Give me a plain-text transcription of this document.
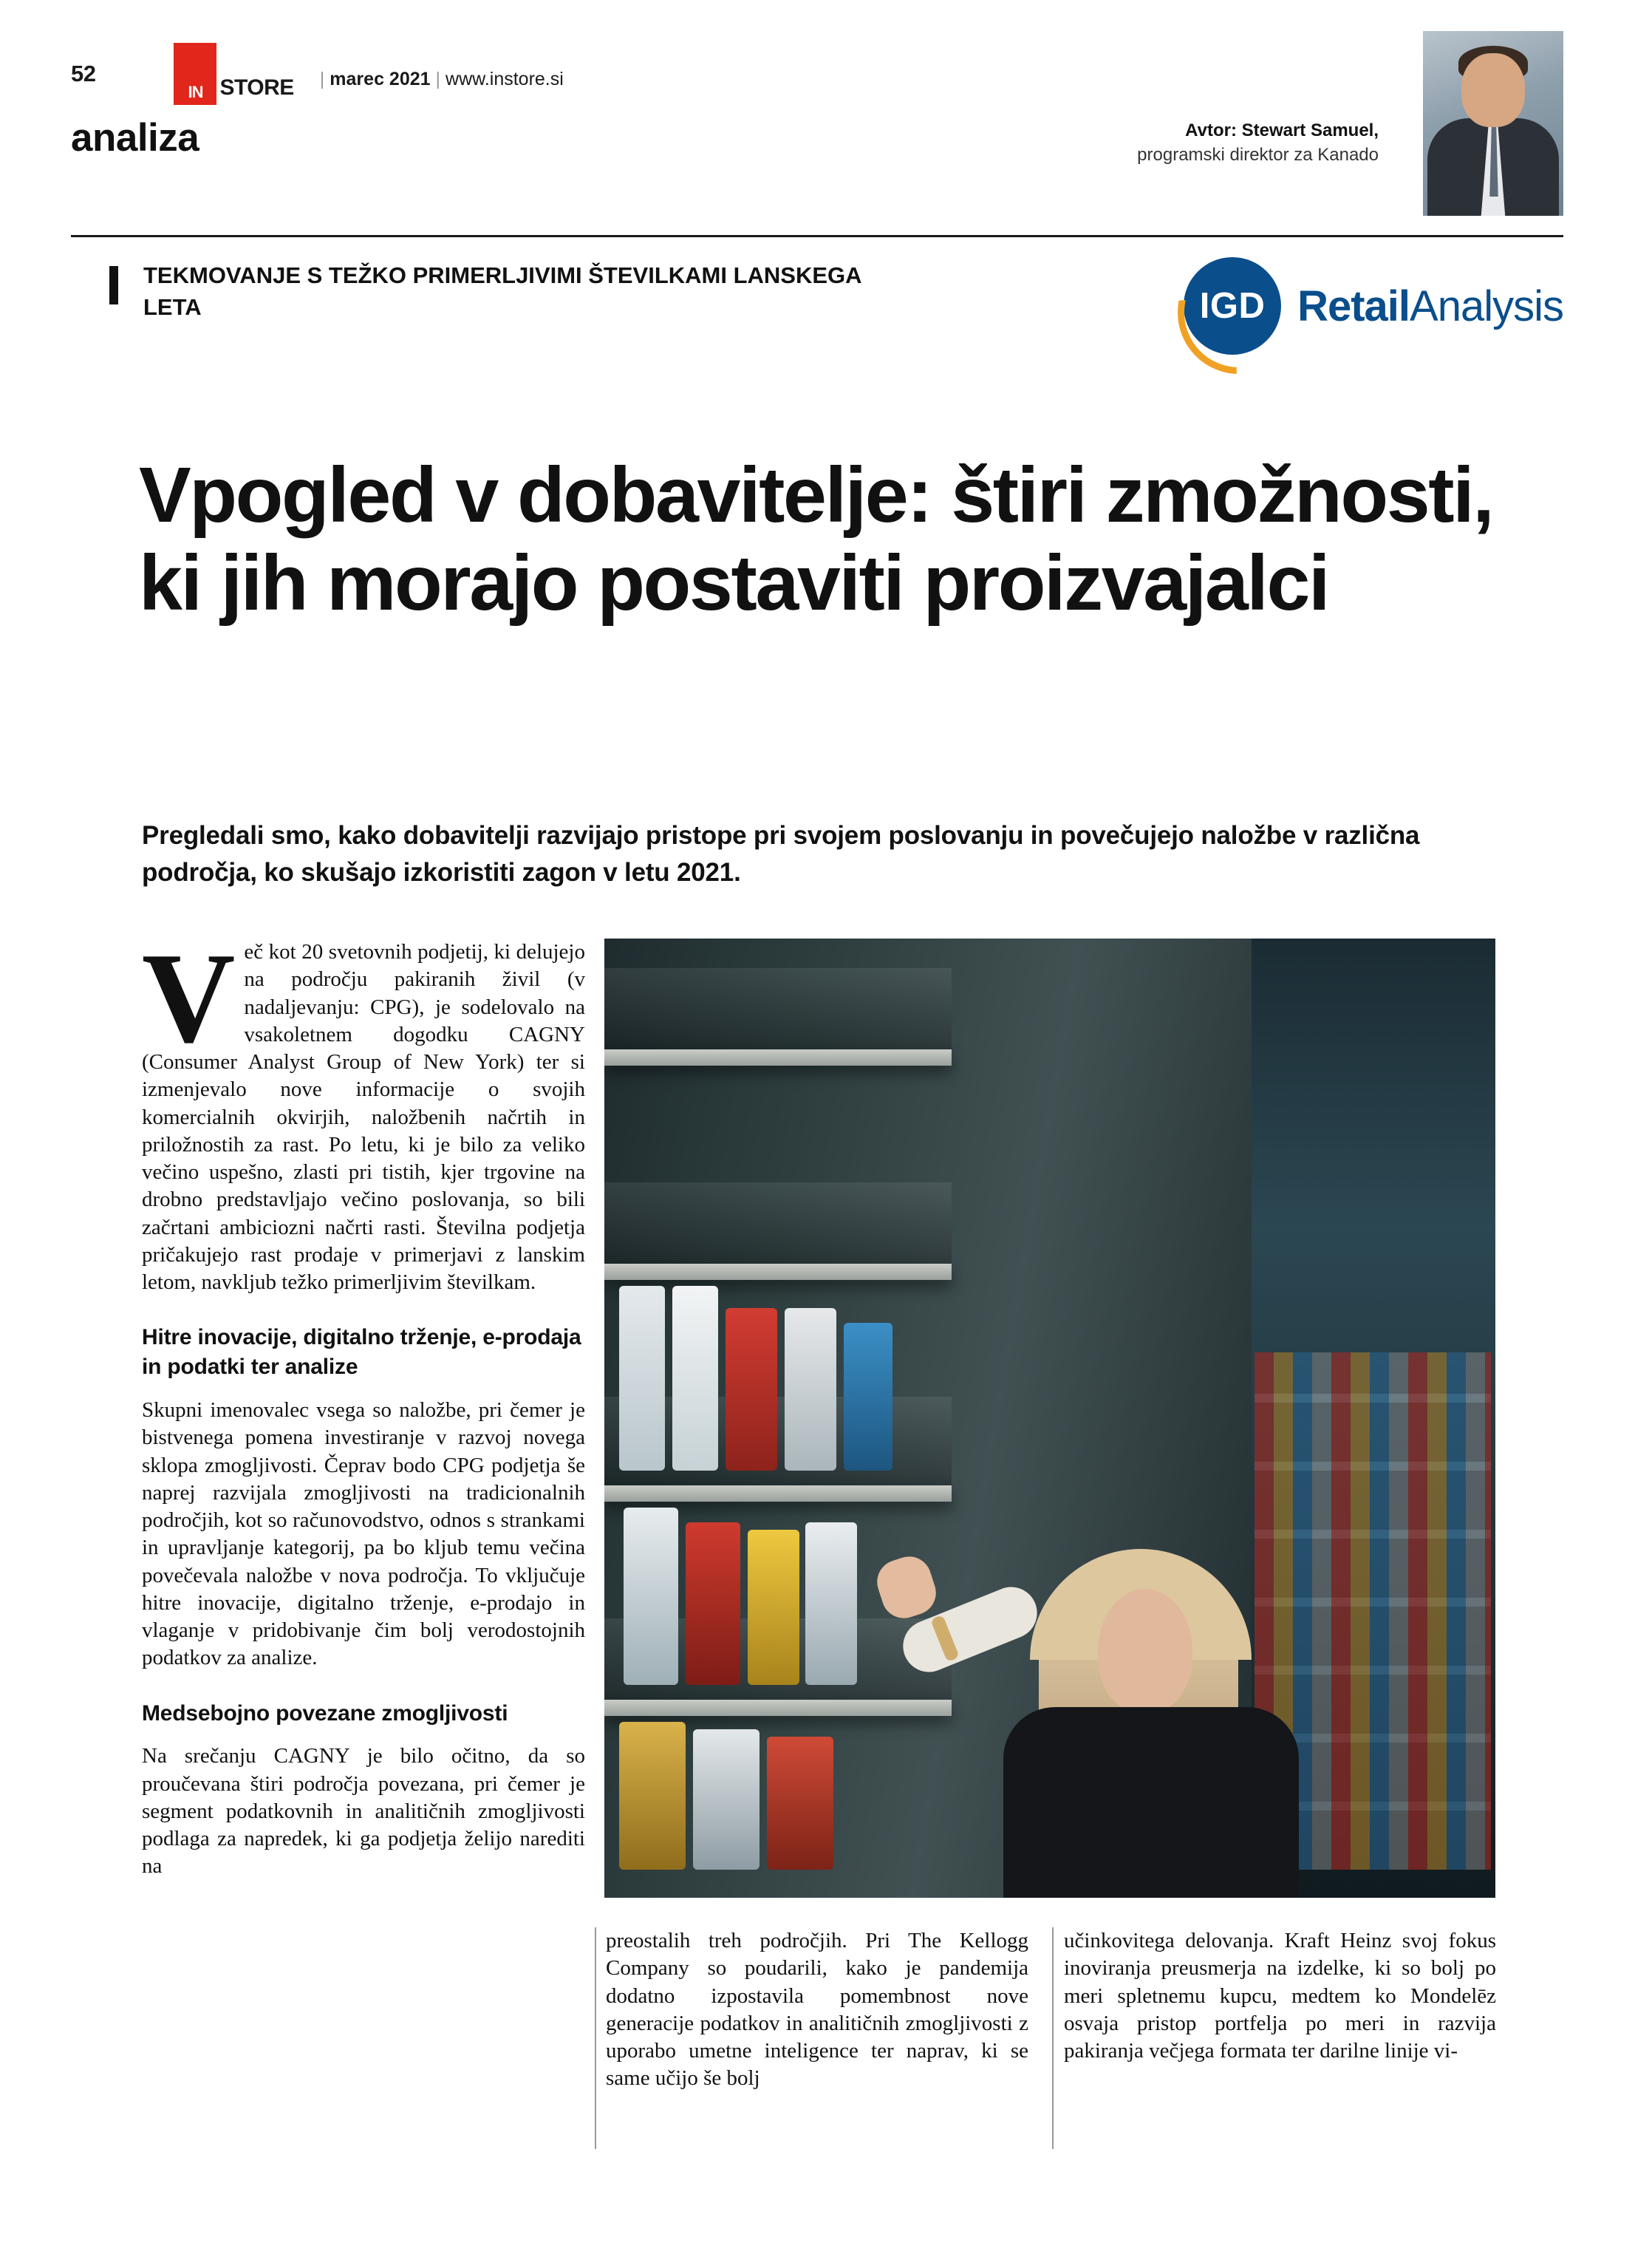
52
IN STORE	| marec 2021 | www.instore.si
analiza	Avtor: Stewart Samuel,
programski direktor za Kanado
TEKMOVANJE S TEŽKO PRIMERLJIVIMI ŠTEVILKAMI LANSKEGA LETA	IGD RetailAnalysis
Vpogled v dobavitelje: štiri zmožnosti, ki jih morajo postaviti proizvajalci
Pregledali smo, kako dobavitelji razvijajo pristope pri svojem poslovanju in povečujejo naložbe v različna področja, ko skušajo izkoristiti zagon v letu 2021.

Več kot 20 svetovnih podjetij, ki delujejo na področju pakiranih živil (v nadaljevanju: CPG), je sodelovalo na vsakoletnem dogodku CAGNY (Consumer Analyst Group of New York) ter si izmenjevalo nove informacije o svojih komercialnih okvirjih, naložbenih načrtih in priložnostih za rast. Po letu, ki je bilo za veliko večino uspešno, zlasti pri tistih, kjer trgovine na drobno predstavljajo večino poslovanja, so bili začrtani ambiciozni načrti rasti. Številna podjetja pričakujejo rast prodaje v primerjavi z lanskim letom, navkljub težko primerljivim številkam.

Hitre inovacije, digitalno trženje, e-prodaja in podatki ter analize

Skupni imenovalec vsega so naložbe, pri čemer je bistvenega pomena investiranje v razvoj novega sklopa zmogljivosti. Čeprav bodo CPG podjetja še naprej razvijala zmogljivosti na tradicionalnih področjih, kot so računovodstvo, odnos s strankami in upravljanje kategorij, pa bo kljub temu večina povečevala naložbe v nova področja. To vključuje hitre inovacije, digitalno trženje, e-prodajo in vlaganje v pridobivanje čim bolj verodostojnih podatkov za analize.

Medsebojno povezane zmogljivosti

Na srečanju CAGNY je bilo očitno, da so proučevana štiri področja povezana, pri čemer je segment podatkovnih in analitičnih zmogljivosti podlaga za napredek, ki ga podjetja želijo narediti na

preostalih treh področjih. Pri The Kellogg Company so poudarili, kako je pandemija dodatno izpostavila pomembnost nove generacije podatkov in analitičnih zmogljivosti z uporabo umetne inteligence ter naprav, ki se same učijo še bolj

učinkovitega delovanja. Kraft Heinz svoj fokus inoviranja preusmerja na izdelke, ki so bolj po meri spletnemu kupcu, medtem ko Mondelēz osvaja pristop portfelja po meri in razvija pakiranja večjega formata ter darilne linije vi-
